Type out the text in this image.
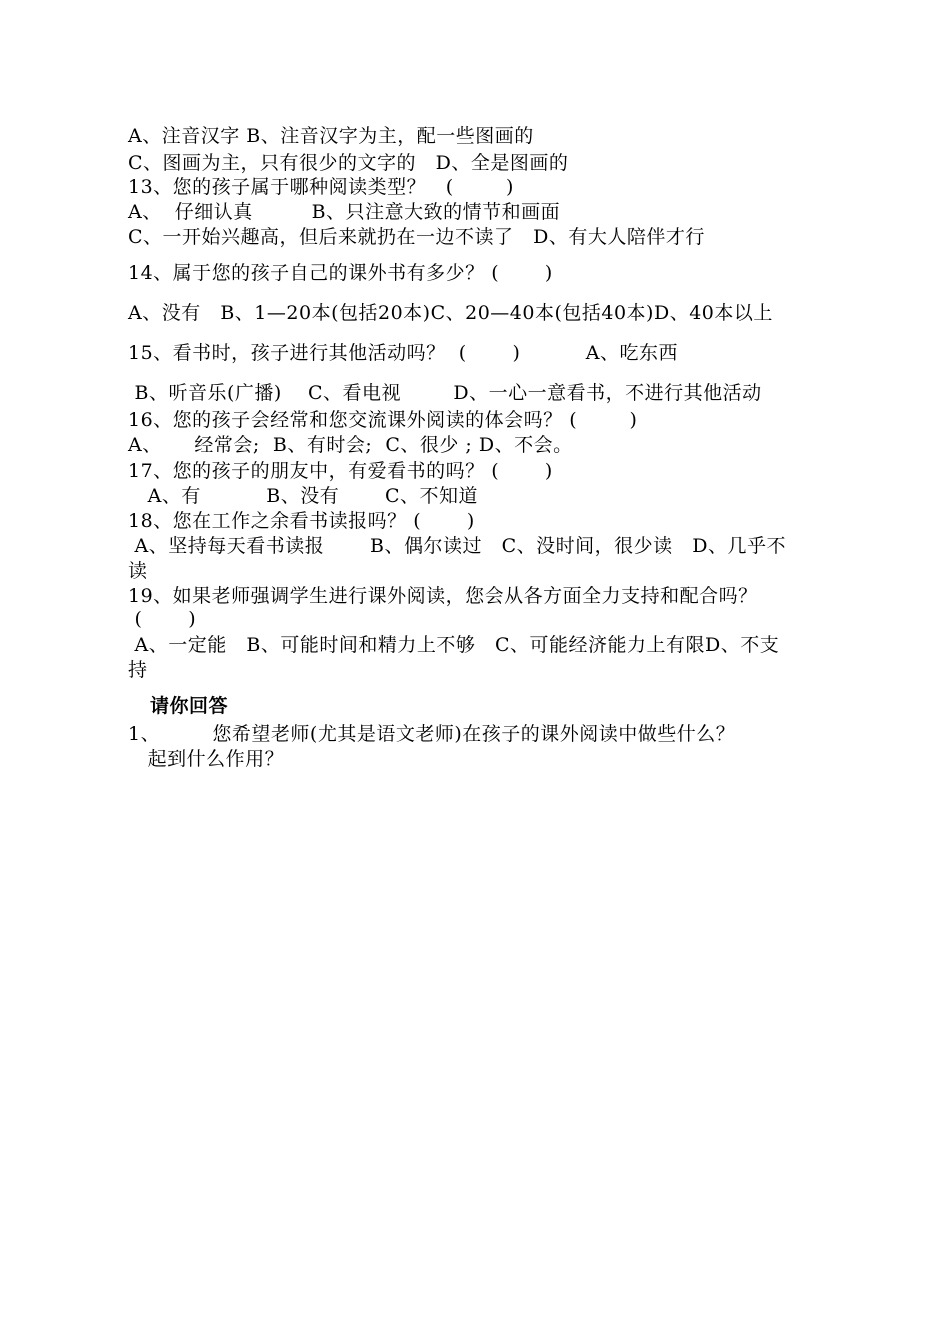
A、注音汉字 B、注音汉字为主，配一些图画的
C、图画为主，只有很少的文字的   D、全是图画的
13、您的孩子属于哪种阅读类型？   (        )
A、  仔细认真         B、只注意大致的情节和画面
C、一开始兴趣高，但后来就扔在一边不读了   D、有大人陪伴才行
14、属于您的孩子自己的课外书有多少？ (       )
A、没有   B、1—20本(包括20本)C、20—40本(包括40本)D、40本以上
15、看书时，孩子进行其他活动吗？  (       )          A、吃东西
B、听音乐(广播)    C、看电视        D、一心一意看书，不进行其他活动
16、您的孩子会经常和您交流课外阅读的体会吗？ (        )
A、     经常会;  B、有时会;  C、很少 ; D、不会。
17、您的孩子的朋友中，有爱看书的吗？ (       )
A、有          B、没有       C、不知道
18、您在工作之余看书读报吗？ (       )
A、坚持每天看书读报       B、偶尔读过   C、没时间，很少读   D、几乎不
读
19、如果老师强调学生进行课外阅读，您会从各方面全力支持和配合吗？
(       )
A、一定能   B、可能时间和精力上不够   C、可能经济能力上有限D、不支
持
请你回答
1、        您希望老师(尤其是语文老师)在孩子的课外阅读中做些什么？
起到什么作用？
